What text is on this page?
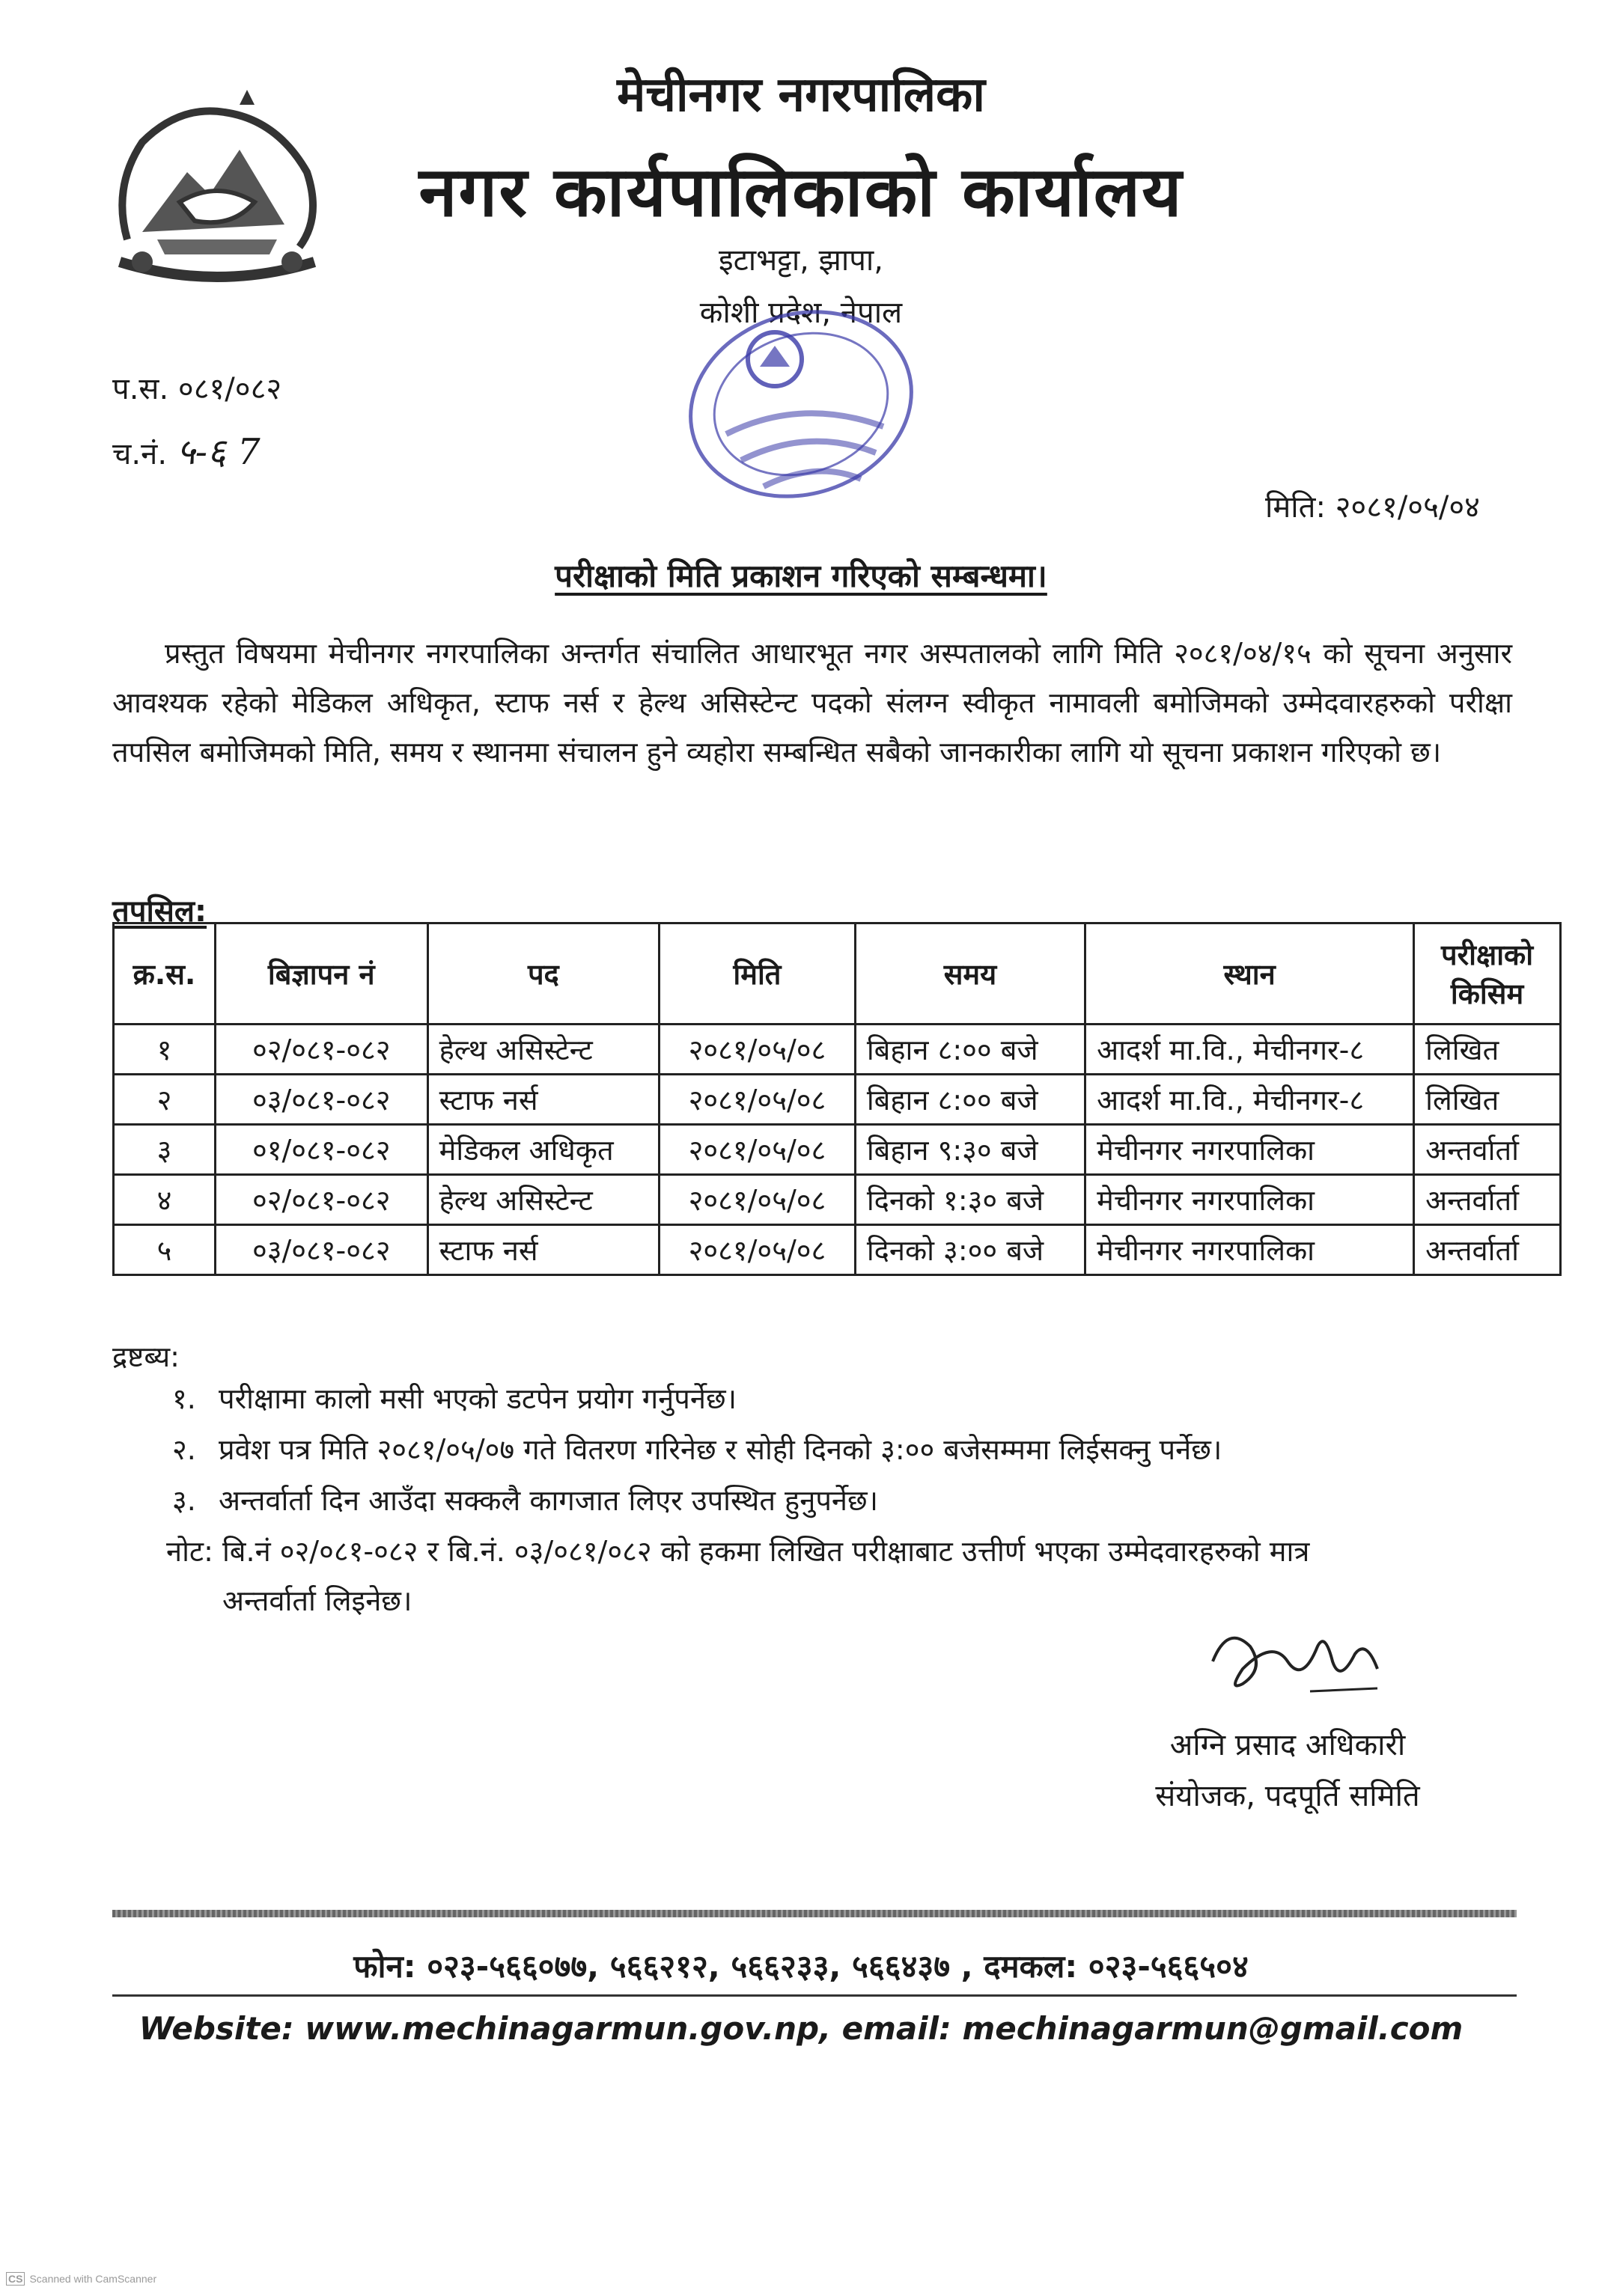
मेचीनगर नगरपालिका
नगर कार्यपालिकाको कार्यालय
इटाभट्टा, झापा,
कोशी प्रदेश, नेपाल
प.स. ०८१/०८२
च.नं. ५-६ 7
मिति: २०८१/०५/०४
परीक्षाको मिति प्रकाशन गरिएको सम्बन्धमा।
प्रस्तुत विषयमा मेचीनगर नगरपालिका अन्तर्गत संचालित आधारभूत नगर अस्पतालको लागि मिति २०८१/०४/१५ को सूचना अनुसार आवश्यक रहेको मेडिकल अधिकृत, स्टाफ नर्स र हेल्थ असिस्टेन्ट पदको संलग्न स्वीकृत नामावली बमोजिमको उम्मेदवारहरुको परीक्षा तपसिल बमोजिमको मिति, समय र स्थानमा संचालन हुने व्यहोरा सम्बन्धित सबैको जानकारीका लागि यो सूचना प्रकाशन गरिएको छ।
तपसिल:
क्र.स.	बिज्ञापन नं	पद	मिति	समय	स्थान	परीक्षाको किसिम
१	०२/०८१-०८२	हेल्थ असिस्टेन्ट	२०८१/०५/०८	बिहान ८:०० बजे	आदर्श मा.वि., मेचीनगर-८	लिखित
२	०३/०८१-०८२	स्टाफ नर्स	२०८१/०५/०८	बिहान ८:०० बजे	आदर्श मा.वि., मेचीनगर-८	लिखित
३	०१/०८१-०८२	मेडिकल अधिकृत	२०८१/०५/०८	बिहान ९:३० बजे	मेचीनगर नगरपालिका	अन्तर्वार्ता
४	०२/०८१-०८२	हेल्थ असिस्टेन्ट	२०८१/०५/०८	दिनको १:३० बजे	मेचीनगर नगरपालिका	अन्तर्वार्ता
५	०३/०८१-०८२	स्टाफ नर्स	२०८१/०५/०८	दिनको ३:०० बजे	मेचीनगर नगरपालिका	अन्तर्वार्ता
द्रष्टब्य:
१. परीक्षामा कालो मसी भएको डटपेन प्रयोग गर्नुपर्नेछ।
२. प्रवेश पत्र मिति २०८१/०५/०७ गते वितरण गरिनेछ र सोही दिनको ३:०० बजेसम्ममा लिईसक्नु पर्नेछ।
३. अन्तर्वार्ता दिन आउँदा सक्कलै कागजात लिएर उपस्थित हुनुपर्नेछ।
नोट: बि.नं ०२/०८१-०८२ र बि.नं. ०३/०८१/०८२ को हकमा लिखित परीक्षाबाट उत्तीर्ण भएका उम्मेदवारहरुको मात्र
अन्तर्वार्ता लिइनेछ।
अग्नि प्रसाद अधिकारी
संयोजक, पदपूर्ति समिति
फोन: ०२३-५६६०७७, ५६६२१२, ५६६२३३, ५६६४३७ , दमकल: ०२३-५६६५०४
Website: www.mechinagarmun.gov.np, email: mechinagarmun@gmail.com
CS Scanned with CamScanner
